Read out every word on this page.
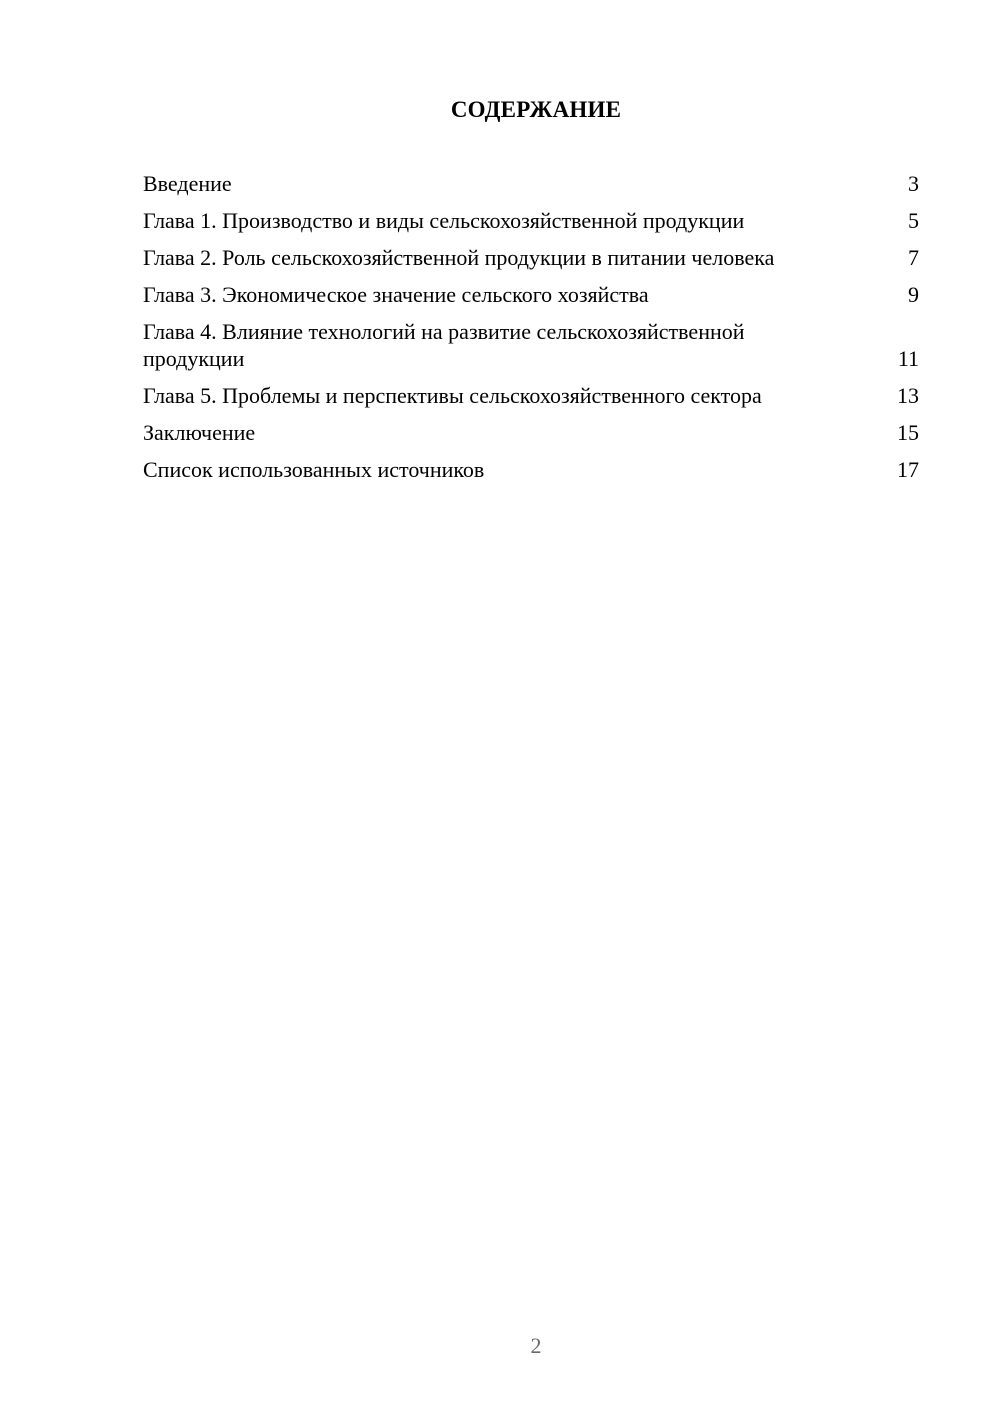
СОДЕРЖАНИЕ
Введение	3
Глава 1. Производство и виды сельскохозяйственной продукции	5
Глава 2. Роль сельскохозяйственной продукции в питании человека	7
Глава 3. Экономическое значение сельского хозяйства	9
Глава 4. Влияние технологий на развитие сельскохозяйственной продукции	11
Глава 5. Проблемы и перспективы сельскохозяйственного сектора	13
Заключение	15
Список использованных источников	17
2
